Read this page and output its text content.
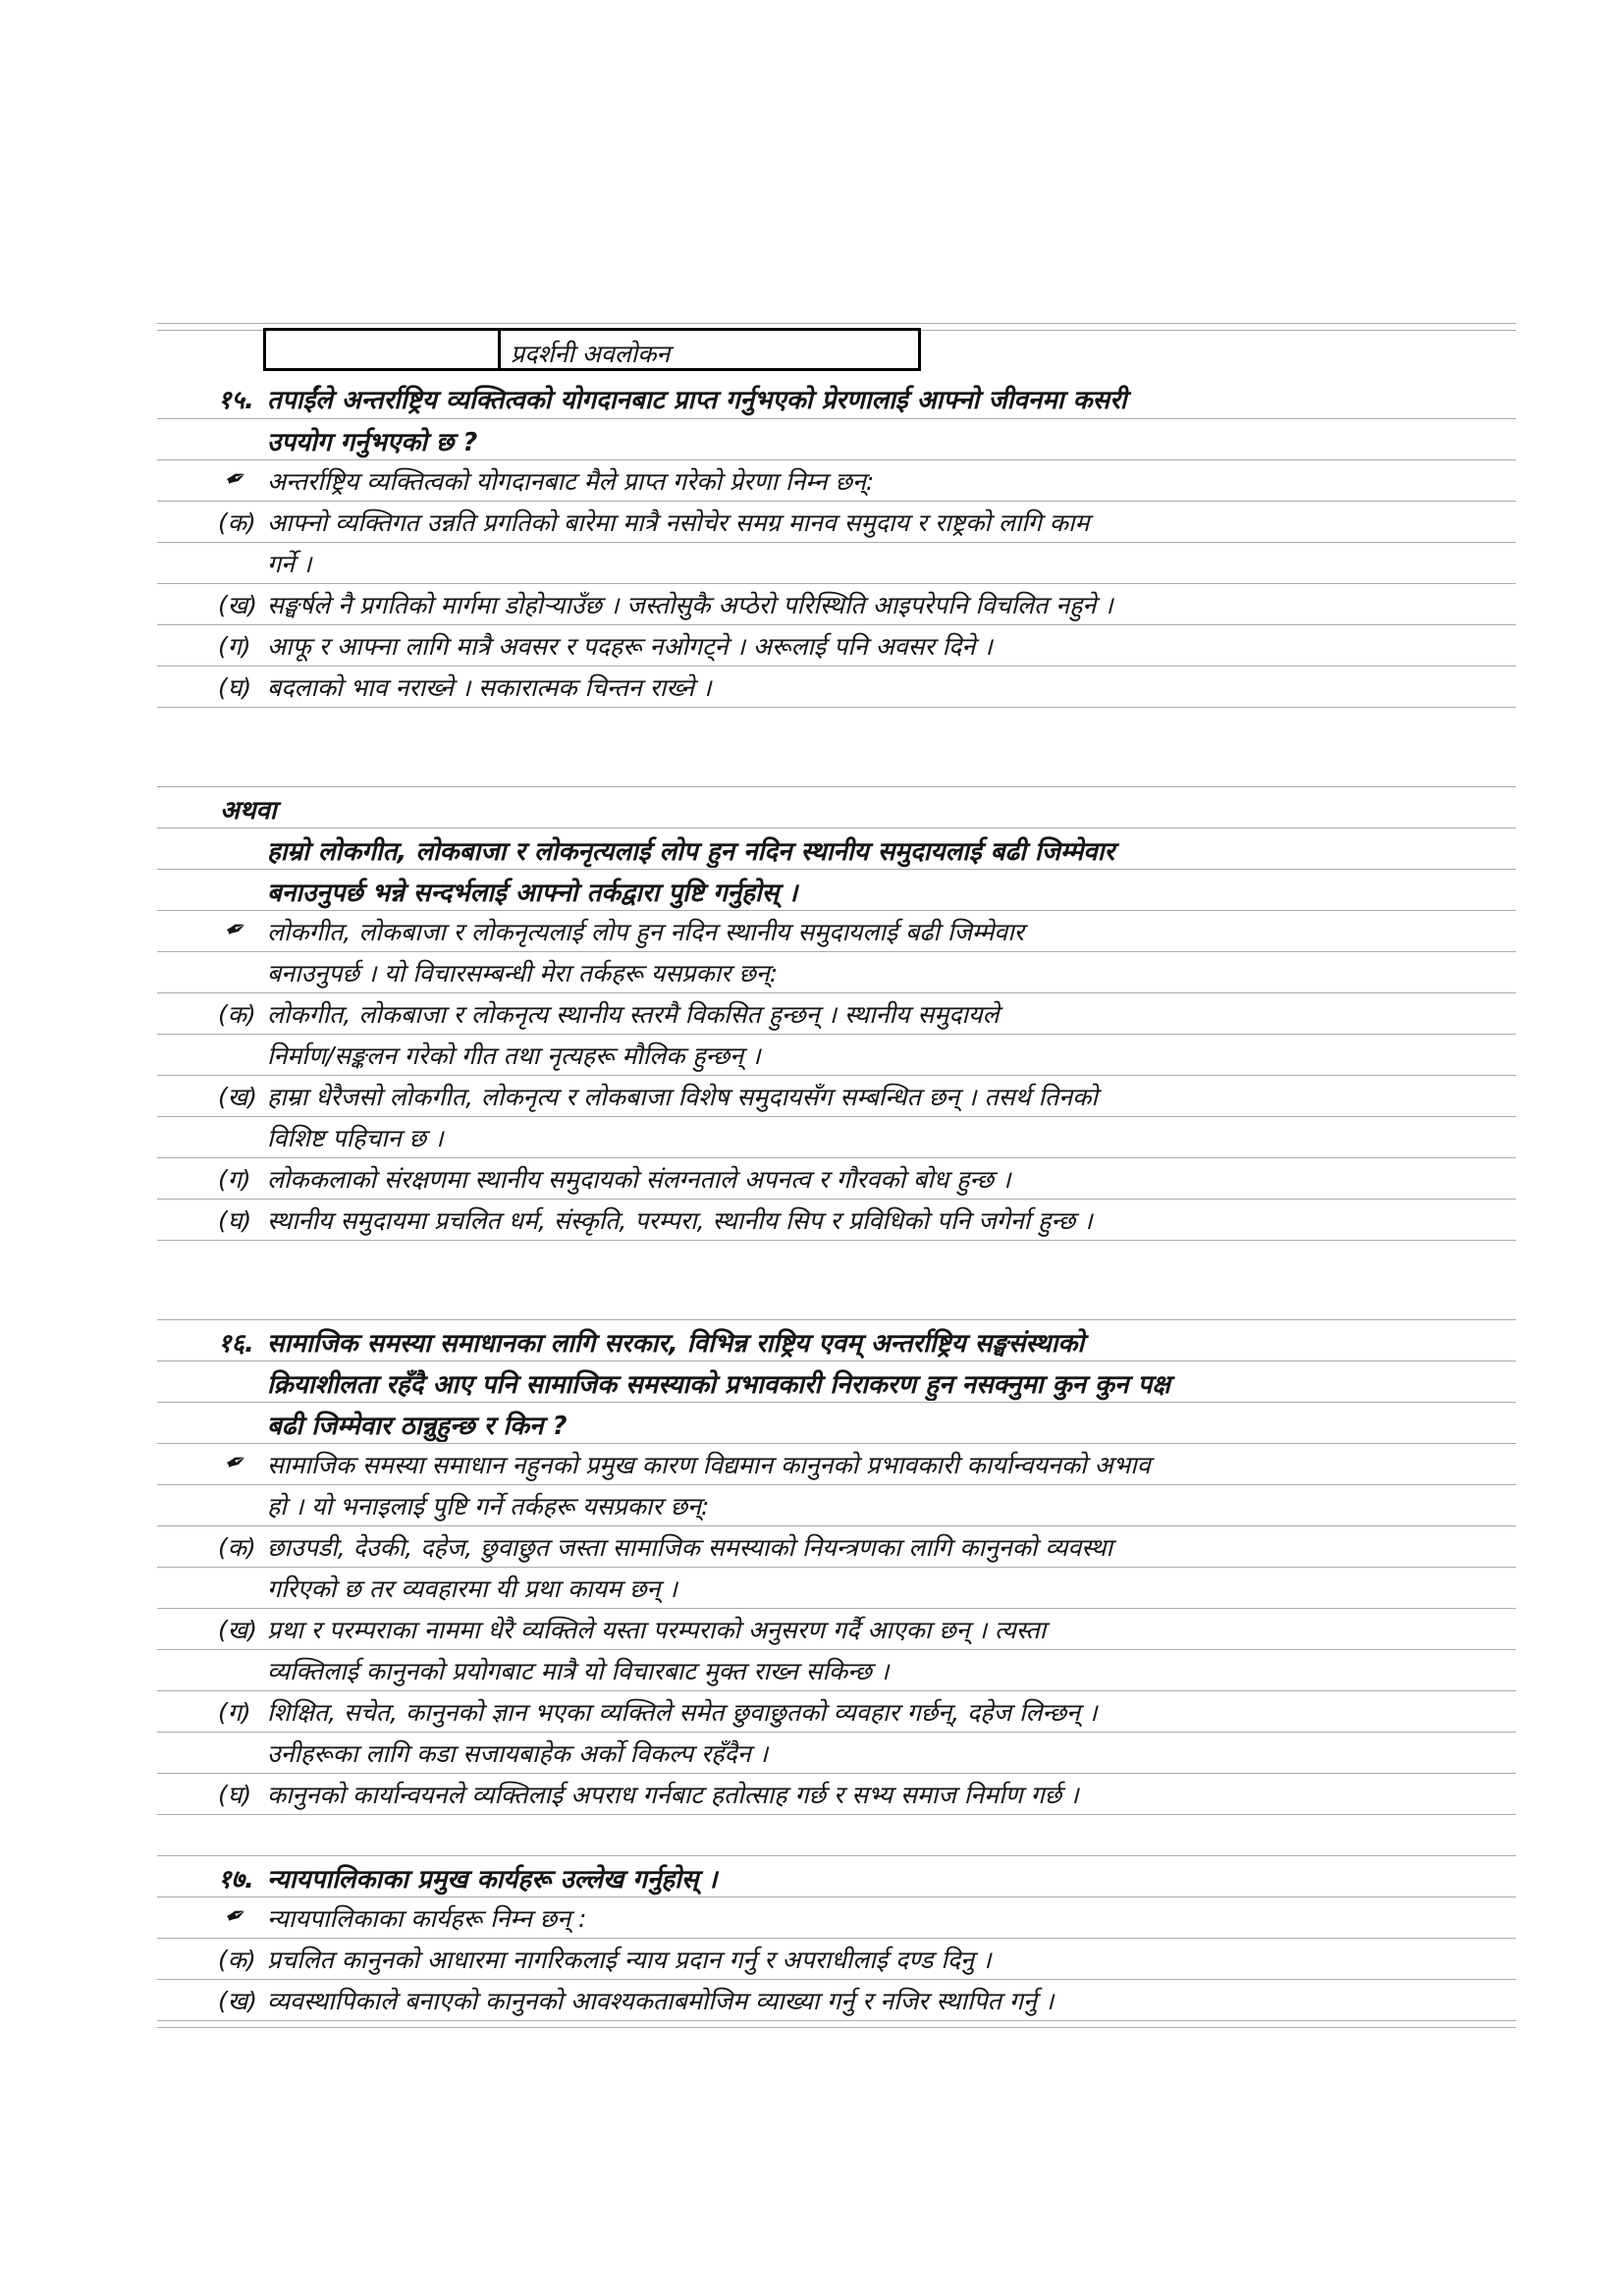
प्रदर्शनी अवलोकन
१५. तपाईंले अन्तर्राष्ट्रिय व्यक्तित्वको योगदानबाट प्राप्त गर्नुभएको प्रेरणालाई आफ्नो जीवनमा कसरी
उपयोग गर्नुभएको छ ?
✒ अन्तर्राष्ट्रिय व्यक्तित्वको योगदानबाट मैले प्राप्त गरेको प्रेरणा निम्न छन्:
(क) आफ्नो व्यक्तिगत उन्नति प्रगतिको बारेमा मात्रै नसोचेर समग्र मानव समुदाय र राष्ट्रको लागि काम
गर्ने ।
(ख) सङ्घर्षले नै प्रगतिको मार्गमा डोहोऱ्याउँछ । जस्तोसुकै अप्ठेरो परिस्थिति आइपरेपनि विचलित नहुने ।
(ग) आफू र आफ्ना लागि मात्रै अवसर र पदहरू नओगट्ने । अरूलाई पनि अवसर दिने ।
(घ) बदलाको भाव नराख्ने । सकारात्मक चिन्तन राख्ने ।
अथवा
हाम्रो लोकगीत, लोकबाजा र लोकनृत्यलाई लोप हुन नदिन स्थानीय समुदायलाई बढी जिम्मेवार
बनाउनुपर्छ भन्ने सन्दर्भलाई आफ्नो तर्कद्वारा पुष्टि गर्नुहोस् ।
✒ लोकगीत, लोकबाजा र लोकनृत्यलाई लोप हुन नदिन स्थानीय समुदायलाई बढी जिम्मेवार
बनाउनुपर्छ । यो विचारसम्बन्धी मेरा तर्कहरू यसप्रकार छन्:
(क) लोकगीत, लोकबाजा र लोकनृत्य स्थानीय स्तरमै विकसित हुन्छन् । स्थानीय समुदायले
निर्माण/सङ्कलन गरेको गीत तथा नृत्यहरू मौलिक हुन्छन् ।
(ख) हाम्रा धेरैजसो लोकगीत, लोकनृत्य र लोकबाजा विशेष समुदायसँग सम्बन्धित छन् । तसर्थ तिनको
विशिष्ट पहिचान छ ।
(ग) लोककलाको संरक्षणमा स्थानीय समुदायको संलग्नताले अपनत्व र गौरवको बोध हुन्छ ।
(घ) स्थानीय समुदायमा प्रचलित धर्म, संस्कृति, परम्परा, स्थानीय सिप र प्रविधिको पनि जगेर्ना हुन्छ ।
१६. सामाजिक समस्या समाधानका लागि सरकार, विभिन्न राष्ट्रिय एवम् अन्तर्राष्ट्रिय सङ्घसंस्थाको
क्रियाशीलता रहँदै आए पनि सामाजिक समस्याको प्रभावकारी निराकरण हुन नसक्नुमा कुन कुन पक्ष
बढी जिम्मेवार ठान्नुहुन्छ र किन ?
✒ सामाजिक समस्या समाधान नहुनको प्रमुख कारण विद्यमान कानुनको प्रभावकारी कार्यान्वयनको अभाव
हो । यो भनाइलाई पुष्टि गर्ने तर्कहरू यसप्रकार छन्:
(क) छाउपडी, देउकी, दहेज, छुवाछुत जस्ता सामाजिक समस्याको नियन्त्रणका लागि कानुनको व्यवस्था
गरिएको छ तर व्यवहारमा यी प्रथा कायम छन् ।
(ख) प्रथा र परम्पराका नाममा धेरै व्यक्तिले यस्ता परम्पराको अनुसरण गर्दै आएका छन् । त्यस्ता
व्यक्तिलाई कानुनको प्रयोगबाट मात्रै यो विचारबाट मुक्त राख्न सकिन्छ ।
(ग) शिक्षित, सचेत, कानुनको ज्ञान भएका व्यक्तिले समेत छुवाछुतको व्यवहार गर्छन्, दहेज लिन्छन् ।
उनीहरूका लागि कडा सजायबाहेक अर्को विकल्प रहँदैन ।
(घ) कानुनको कार्यान्वयनले व्यक्तिलाई अपराध गर्नबाट हतोत्साह गर्छ र सभ्य समाज निर्माण गर्छ ।
१७. न्यायपालिकाका प्रमुख कार्यहरू उल्लेख गर्नुहोस् ।
✒ न्यायपालिकाका कार्यहरू निम्न छन् :
(क) प्रचलित कानुनको आधारमा नागरिकलाई न्याय प्रदान गर्नु र अपराधीलाई दण्ड दिनु ।
(ख) व्यवस्थापिकाले बनाएको कानुनको आवश्यकताबमोजिम व्याख्या गर्नु र नजिर स्थापित गर्नु ।
